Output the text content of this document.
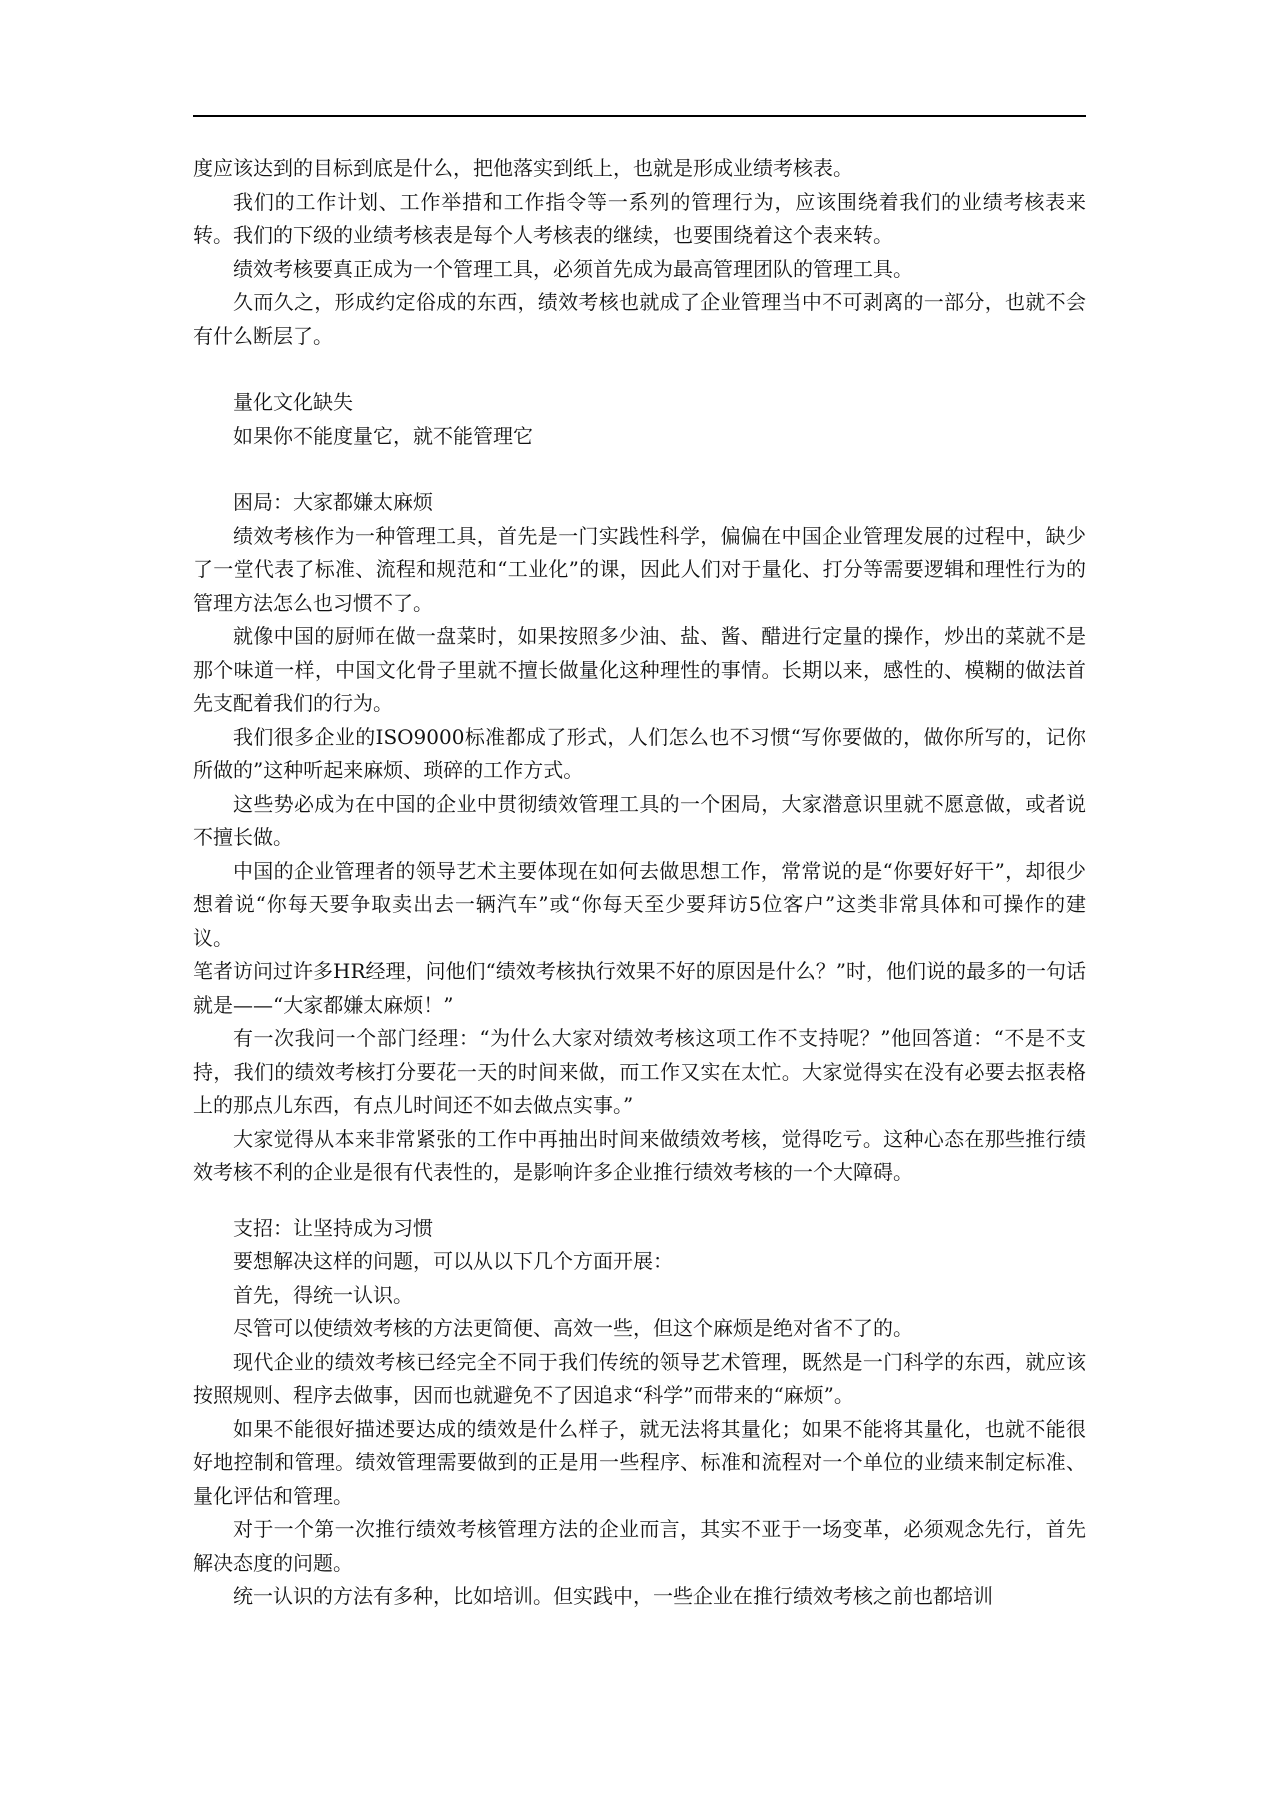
度应该达到的目标到底是什么，把他落实到纸上，也就是形成业绩考核表。

我们的工作计划、工作举措和工作指令等一系列的管理行为，应该围绕着我们的业绩考核表来转。我们的下级的业绩考核表是每个人考核表的继续，也要围绕着这个表来转。

绩效考核要真正成为一个管理工具，必须首先成为最高管理团队的管理工具。

久而久之，形成约定俗成的东西，绩效考核也就成了企业管理当中不可剥离的一部分，也就不会有什么断层了。

量化文化缺失

如果你不能度量它，就不能管理它

困局：大家都嫌太麻烦

绩效考核作为一种管理工具，首先是一门实践性科学，偏偏在中国企业管理发展的过程中，缺少了一堂代表了标准、流程和规范和“工业化”的课，因此人们对于量化、打分等需要逻辑和理性行为的管理方法怎么也习惯不了。

就像中国的厨师在做一盘菜时，如果按照多少油、盐、酱、醋进行定量的操作，炒出的菜就不是那个味道一样，中国文化骨子里就不擅长做量化这种理性的事情。长期以来，感性的、模糊的做法首先支配着我们的行为。

我们很多企业的ISO9000标准都成了形式，人们怎么也不习惯“写你要做的，做你所写的，记你所做的”这种听起来麻烦、琐碎的工作方式。

这些势必成为在中国的企业中贯彻绩效管理工具的一个困局，大家潜意识里就不愿意做，或者说不擅长做。

中国的企业管理者的领导艺术主要体现在如何去做思想工作，常常说的是“你要好好干”，却很少想着说“你每天要争取卖出去一辆汽车”或“你每天至少要拜访5位客户”这类非常具体和可操作的建议。

笔者访问过许多HR经理，问他们“绩效考核执行效果不好的原因是什么？”时，他们说的最多的一句话就是——“大家都嫌太麻烦！”

有一次我问一个部门经理：“为什么大家对绩效考核这项工作不支持呢？”他回答道：“不是不支持，我们的绩效考核打分要花一天的时间来做，而工作又实在太忙。大家觉得实在没有必要去抠表格上的那点儿东西，有点儿时间还不如去做点实事。”

大家觉得从本来非常紧张的工作中再抽出时间来做绩效考核，觉得吃亏。这种心态在那些推行绩效考核不利的企业是很有代表性的，是影响许多企业推行绩效考核的一个大障碍。

支招：让坚持成为习惯

要想解决这样的问题，可以从以下几个方面开展：

首先，得统一认识。

尽管可以使绩效考核的方法更简便、高效一些，但这个麻烦是绝对省不了的。

现代企业的绩效考核已经完全不同于我们传统的领导艺术管理，既然是一门科学的东西，就应该按照规则、程序去做事，因而也就避免不了因追求“科学”而带来的“麻烦”。

如果不能很好描述要达成的绩效是什么样子，就无法将其量化；如果不能将其量化，也就不能很好地控制和管理。绩效管理需要做到的正是用一些程序、标准和流程对一个单位的业绩来制定标准、量化评估和管理。

对于一个第一次推行绩效考核管理方法的企业而言，其实不亚于一场变革，必须观念先行，首先解决态度的问题。

统一认识的方法有多种，比如培训。但实践中，一些企业在推行绩效考核之前也都培训
